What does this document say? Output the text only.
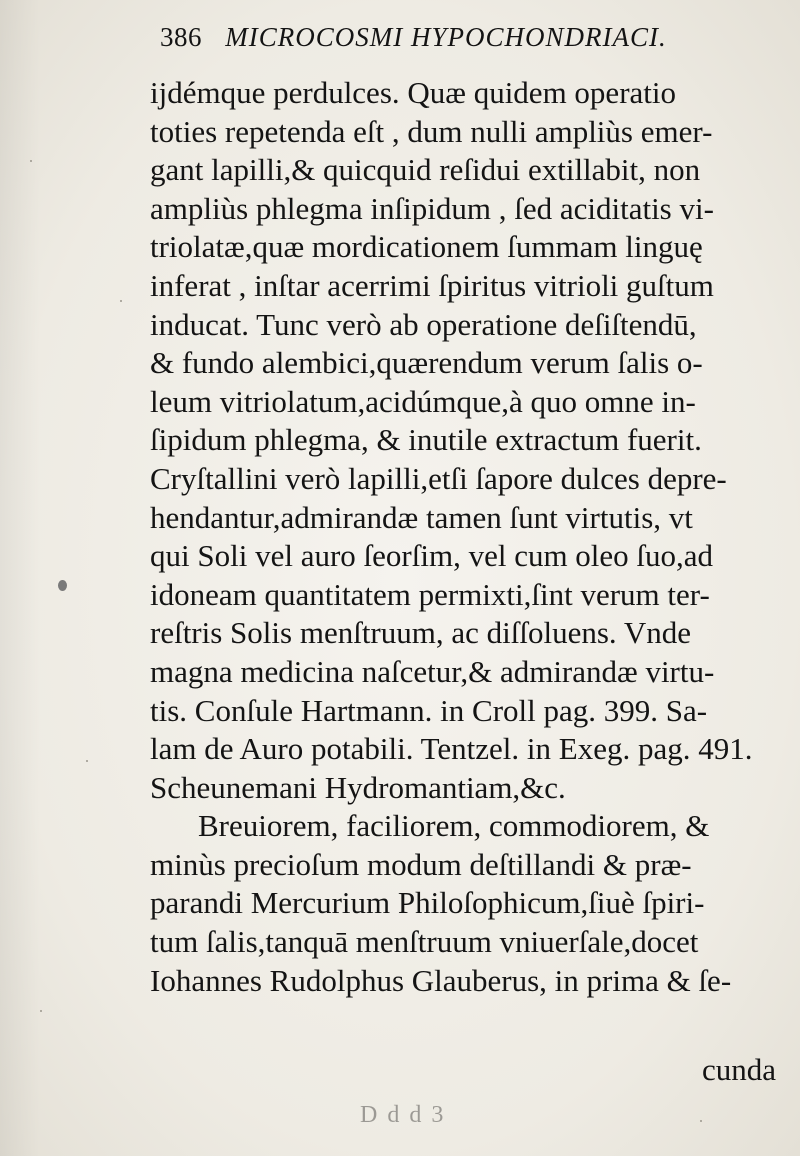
386 MICROCOSMI HYPOCHONDRIACI.
ijdémque perdulces. Quæ quidem operatio
toties repetenda eſt , dum nulli ampliùs emer-
gant lapilli,& quicquid reſidui extillabit, non
ampliùs phlegma inſipidum , ſed aciditatis vi-
triolatæ,quæ mordicationem ſummam linguę
inferat , inſtar acerrimi ſpiritus vitrioli guſtum
inducat. Tunc verò ab operatione deſiſtendū,
& fundo alembici,quærendum verum ſalis o-
leum vitriolatum,acidúmque,à quo omne in-
ſipidum phlegma, & inutile extractum fuerit.
Cryſtallini verò lapilli,etſi ſapore dulces depre-
hendantur,admirandæ tamen ſunt virtutis, vt
qui Soli vel auro ſeorſim, vel cum oleo ſuo,ad
idoneam quantitatem permixti,ſint verum ter-
reſtris Solis menſtruum, ac diſſoluens. Vnde
magna medicina naſcetur,& admirandæ virtu-
tis. Conſule Hartmann. in Croll pag. 399. Sa-
lam de Auro potabili. Tentzel. in Exeg. pag. 491.
Scheunemani Hydromantiam,&c.
Breuiorem, faciliorem, commodiorem, &
minùs precioſum modum deſtillandi & præ-
parandi Mercurium Philoſophicum,ſiuè ſpiri-
tum ſalis,tanquā menſtruum vniuerſale,docet
Iohannes Rudolphus Glauberus, in prima & ſe-
cunda
D d d 3
